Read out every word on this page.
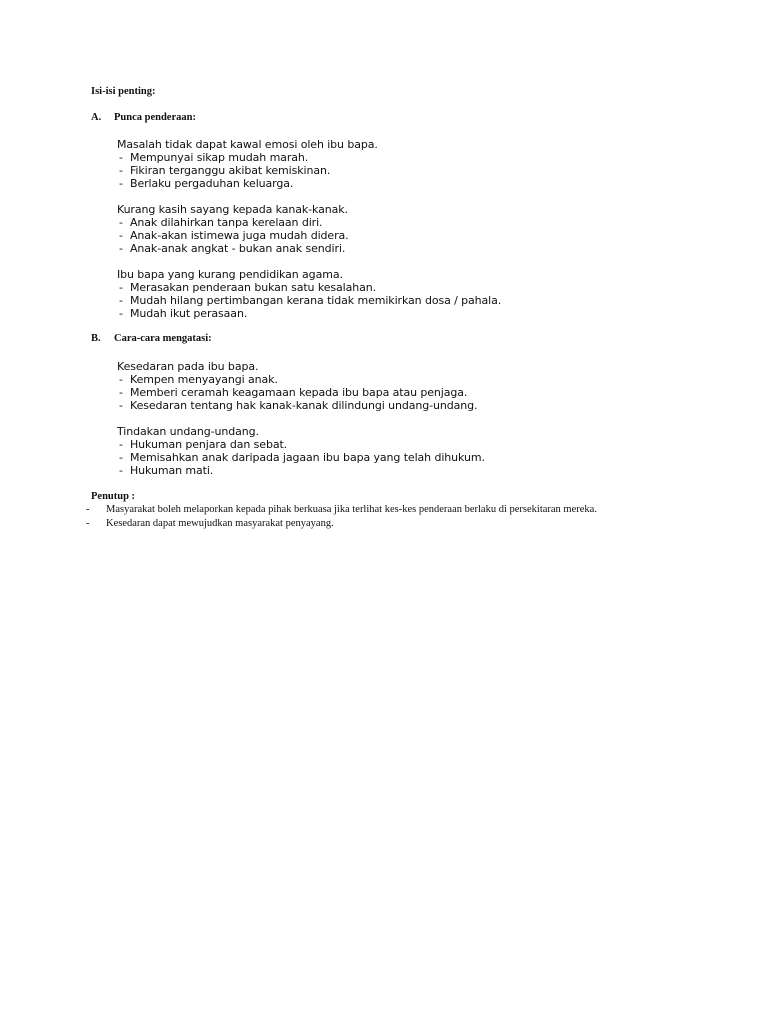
Isi-isi penting:
A.	Punca penderaan:
Masalah tidak dapat kawal emosi oleh ibu bapa.
- Mempunyai sikap mudah marah.
- Fikiran terganggu akibat kemiskinan.
- Berlaku pergaduhan keluarga.
Kurang kasih sayang kepada kanak-kanak.
- Anak dilahirkan tanpa kerelaan diri.
- Anak-akan istimewa juga mudah didera.
- Anak-anak angkat - bukan anak sendiri.
Ibu bapa yang kurang pendidikan agama.
- Merasakan penderaan bukan satu kesalahan.
- Mudah hilang pertimbangan kerana tidak memikirkan dosa / pahala.
- Mudah ikut perasaan.
B.	Cara-cara mengatasi:
Kesedaran pada ibu bapa.
- Kempen menyayangi anak.
- Memberi ceramah keagamaan kepada ibu bapa atau penjaga.
- Kesedaran tentang hak kanak-kanak dilindungi undang-undang.
Tindakan undang-undang.
- Hukuman penjara dan sebat.
- Memisahkan anak daripada jagaan ibu bapa yang telah dihukum.
- Hukuman mati.
Penutup :
-	Masyarakat boleh melaporkan kepada pihak berkuasa jika terlihat kes-kes penderaan berlaku di persekitaran mereka.
-	Kesedaran dapat mewujudkan masyarakat penyayang.
